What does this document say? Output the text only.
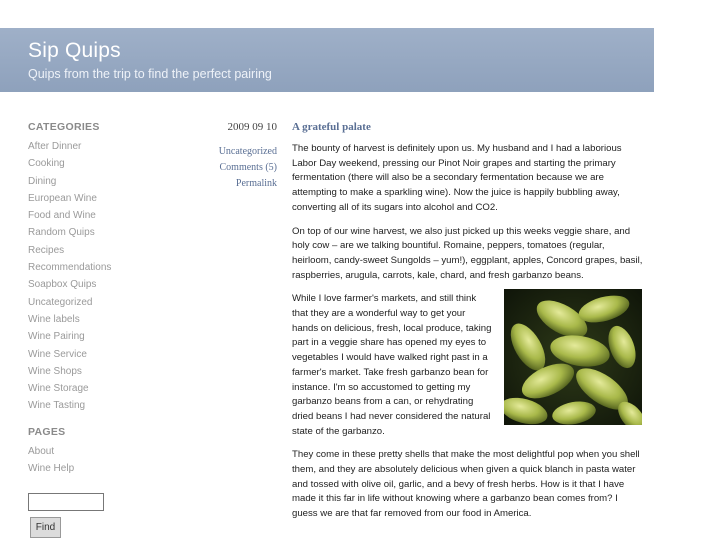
Sip Quips
Quips from the trip to find the perfect pairing
CATEGORIES
After Dinner
Cooking
Dining
European Wine
Food and Wine
Random Quips
Recipes
Recommendations
Soapbox Quips
Uncategorized
Wine labels
Wine Pairing
Wine Service
Wine Shops
Wine Storage
Wine Tasting
PAGES
About
Wine Help
Find
2009 09 10
Uncategorized
Comments (5)
Permalink
A grateful palate

The bounty of harvest is definitely upon us. My husband and I had a laborious Labor Day weekend, pressing our Pinot Noir grapes and starting the primary fermentation (there will also be a secondary fermentation because we are attempting to make a sparkling wine). Now the juice is happily bubbling away, converting all of its sugars into alcohol and CO2.

On top of our wine harvest, we also just picked up this weeks veggie share, and holy cow – are we talking bountiful. Romaine, peppers, tomatoes (regular, heirloom, candy-sweet Sungolds – yum!), eggplant, apples, Concord grapes, basil, raspberries, arugula, carrots, kale, chard, and fresh garbanzo beans.

While I love farmer's markets, and still think that they are a wonderful way to get your hands on delicious, fresh, local produce, taking part in a veggie share has opened my eyes to vegetables I would have walked right past in a farmer's market. Take fresh garbanzo bean for instance. I'm so accustomed to getting my garbanzo beans from a can, or rehydrating dried beans I had never considered the natural state of the garbanzo.

They come in these pretty shells that make the most delightful pop when you shell them, and they are absolutely delicious when given a quick blanch in pasta water and tossed with olive oil, garlic, and a bevy of fresh herbs. How is it that I have made it this far in life without knowing where a garbanzo bean comes from? I guess we are that far removed from our food in America.
